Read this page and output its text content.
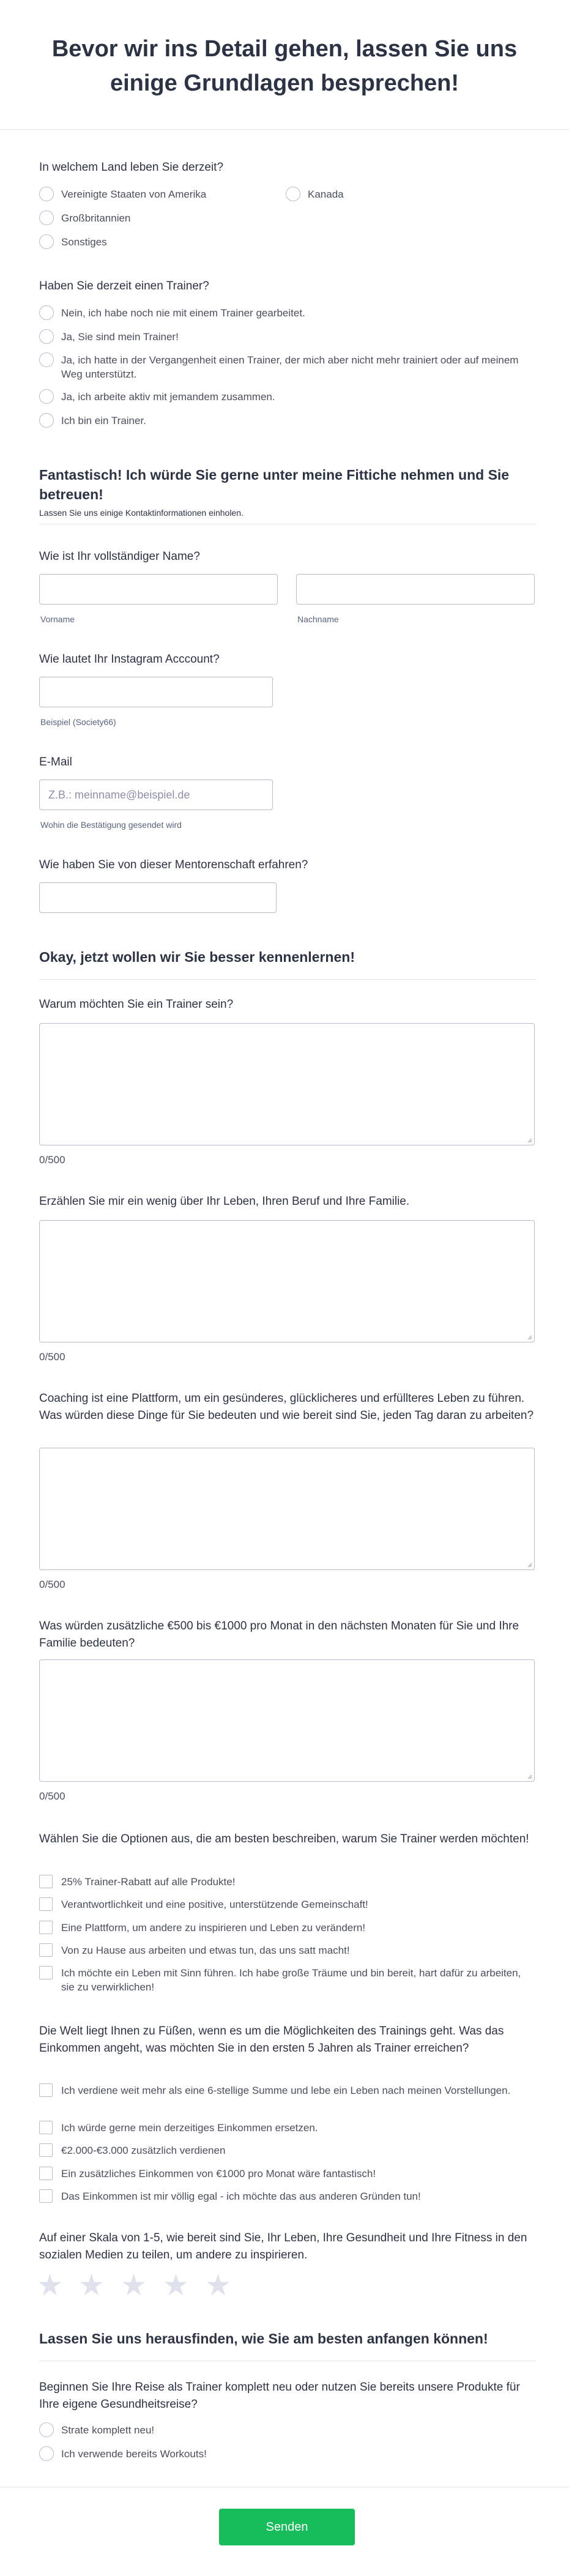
Bevor wir ins Detail gehen, lassen Sie uns einige Grundlagen besprechen!
In welchem Land leben Sie derzeit?
Vereinigte Staaten von Amerika	Kanada
Großbritannien
Sonstiges
Haben Sie derzeit einen Trainer?
Nein, ich habe noch nie mit einem Trainer gearbeitet.
Ja, Sie sind mein Trainer!
Ja, ich hatte in der Vergangenheit einen Trainer, der mich aber nicht mehr trainiert oder auf meinem Weg unterstützt.
Ja, ich arbeite aktiv mit jemandem zusammen.
Ich bin ein Trainer.
Fantastisch! Ich würde Sie gerne unter meine Fittiche nehmen und Sie betreuen!
Lassen Sie uns einige Kontaktinformationen einholen.
Wie ist Ihr vollständiger Name?
Vorname	Nachname
Wie lautet Ihr Instagram Acccount?
Beispiel (Society66)
E-Mail
Z.B.: meinname@beispiel.de
Wohin die Bestätigung gesendet wird
Wie haben Sie von dieser Mentorenschaft erfahren?
Okay, jetzt wollen wir Sie besser kennenlernen!
Warum möchten Sie ein Trainer sein?
0/500
Erzählen Sie mir ein wenig über Ihr Leben, Ihren Beruf und Ihre Familie.
0/500
Coaching ist eine Plattform, um ein gesünderes, glücklicheres und erfüllteres Leben zu führen. Was würden diese Dinge für Sie bedeuten und wie bereit sind Sie, jeden Tag daran zu arbeiten?
0/500
Was würden zusätzliche €500 bis €1000 pro Monat in den nächsten Monaten für Sie und Ihre Familie bedeuten?
0/500
Wählen Sie die Optionen aus, die am besten beschreiben, warum Sie Trainer werden möchten!
25% Trainer-Rabatt auf alle Produkte!
Verantwortlichkeit und eine positive, unterstützende Gemeinschaft!
Eine Plattform, um andere zu inspirieren und Leben zu verändern!
Von zu Hause aus arbeiten und etwas tun, das uns satt macht!
Ich möchte ein Leben mit Sinn führen. Ich habe große Träume und bin bereit, hart dafür zu arbeiten, sie zu verwirklichen!
Die Welt liegt Ihnen zu Füßen, wenn es um die Möglichkeiten des Trainings geht. Was das Einkommen angeht, was möchten Sie in den ersten 5 Jahren als Trainer erreichen?
Ich verdiene weit mehr als eine 6-stellige Summe und lebe ein Leben nach meinen Vorstellungen.
Ich würde gerne mein derzeitiges Einkommen ersetzen.
€2.000-€3.000 zusätzlich verdienen
Ein zusätzliches Einkommen von €1000 pro Monat wäre fantastisch!
Das Einkommen ist mir völlig egal - ich möchte das aus anderen Gründen tun!
Auf einer Skala von 1-5, wie bereit sind Sie, Ihr Leben, Ihre Gesundheit und Ihre Fitness in den sozialen Medien zu teilen, um andere zu inspirieren.
★ ★ ★ ★ ★
Lassen Sie uns herausfinden, wie Sie am besten anfangen können!
Beginnen Sie Ihre Reise als Trainer komplett neu oder nutzen Sie bereits unsere Produkte für Ihre eigene Gesundheitsreise?
Strate komplett neu!
Ich verwende bereits Workouts!
Senden
